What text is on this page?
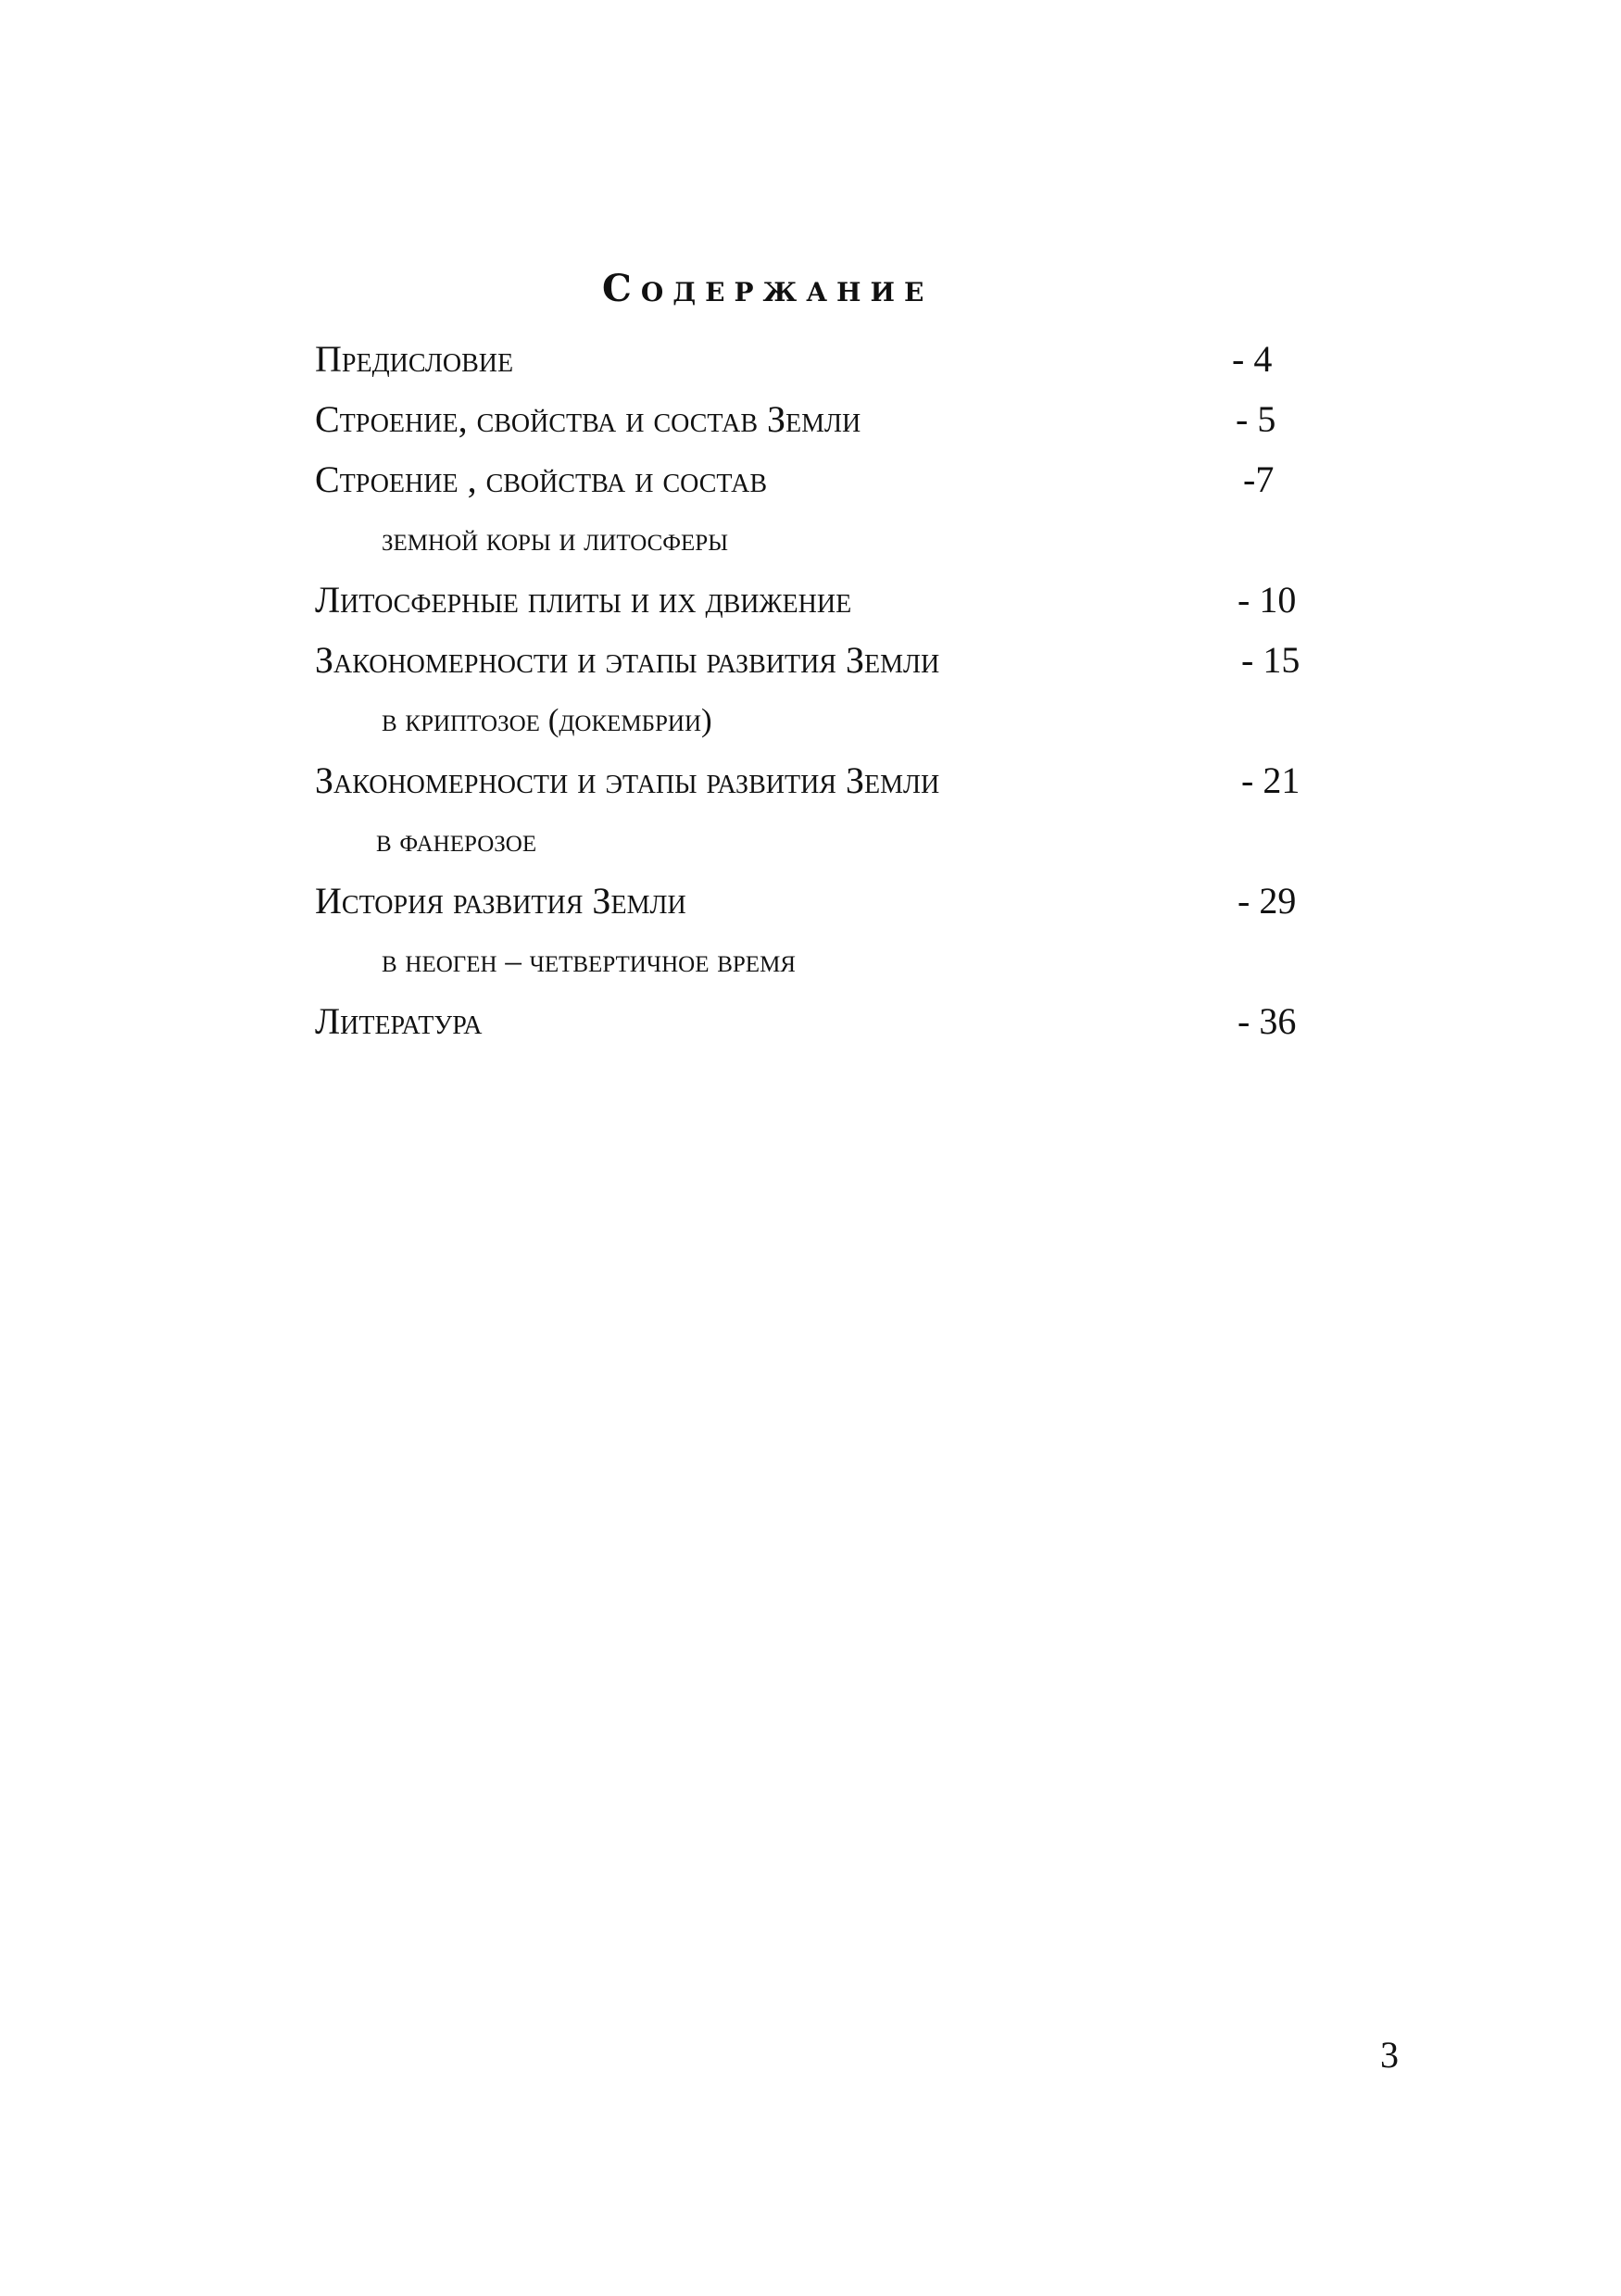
Содержание
Предисловие	- 4
Строение, свойства и состав Земли	- 5
Строение , свойства и состав	-7
земной коры и литосферы
Литосферные плиты и их движение	- 10
Закономерности и этапы развития Земли	- 15
в криптозое (докембрии)
Закономерности и этапы развития Земли	- 21
в фанерозое
История развития Земли	- 29
в неоген – четвертичное время
Литература	- 36
3
